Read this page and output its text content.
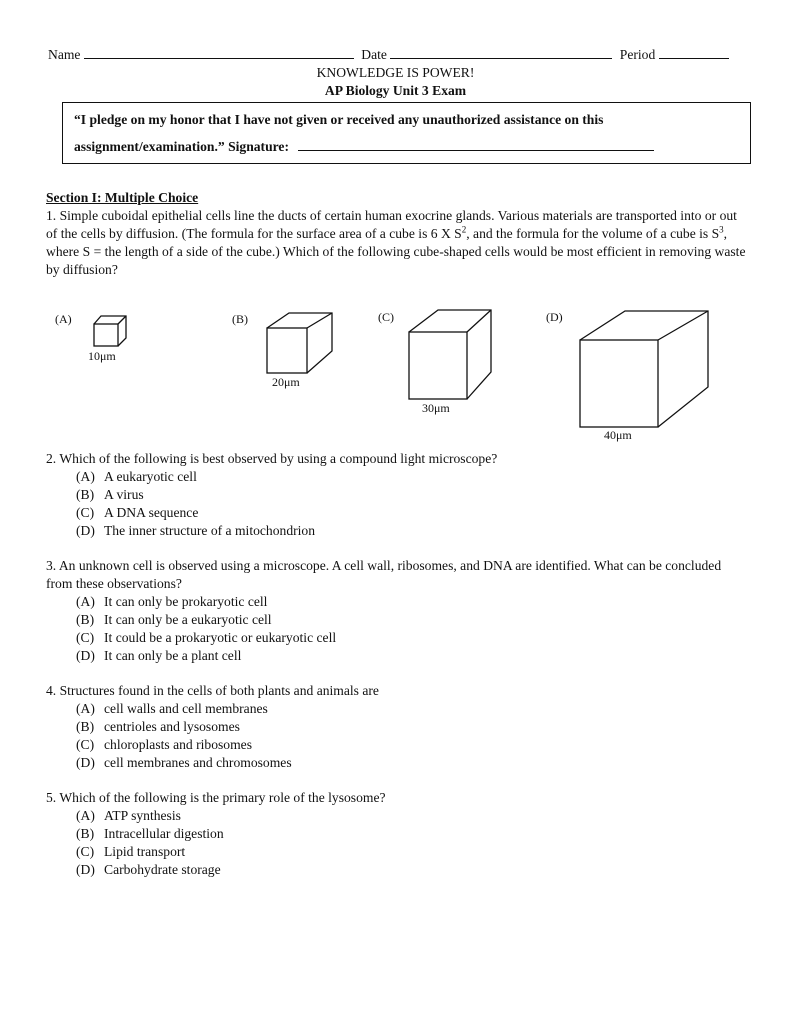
Name	Date	Period
KNOWLEDGE IS POWER!
AP Biology Unit 3 Exam
“I pledge on my honor that I have not given or received any unauthorized assistance on this
assignment/examination.” Signature:
Section I: Multiple Choice
1. Simple cuboidal epithelial cells line the ducts of certain human exocrine glands. Various materials are transported into or out of the cells by diffusion. (The formula for the surface area of a cube is 6 X $S^2$, and the formula for the volume of a cube is $S^3$, where S = the length of a side of the cube.) Which of the following cube-shaped cells would be most efficient in removing waste by diffusion?
(A)
10μm
(B)
20μm
(C)
30μm
(D)
40μm
2. Which of the following is best observed by using a compound light microscope?
(A) A eukaryotic cell
(B) A virus
(C) A DNA sequence
(D) The inner structure of a mitochondrion
3. An unknown cell is observed using a microscope. A cell wall, ribosomes, and DNA are identified. What can be concluded from these observations?
(A) It can only be prokaryotic cell
(B) It can only be a eukaryotic cell
(C) It could be a prokaryotic or eukaryotic cell
(D) It can only be a plant cell
4. Structures found in the cells of both plants and animals are
(A) cell walls and cell membranes
(B) centrioles and lysosomes
(C) chloroplasts and ribosomes
(D) cell membranes and chromosomes
5. Which of the following is the primary role of the lysosome?
(A) ATP synthesis
(B) Intracellular digestion
(C) Lipid transport
(D) Carbohydrate storage
